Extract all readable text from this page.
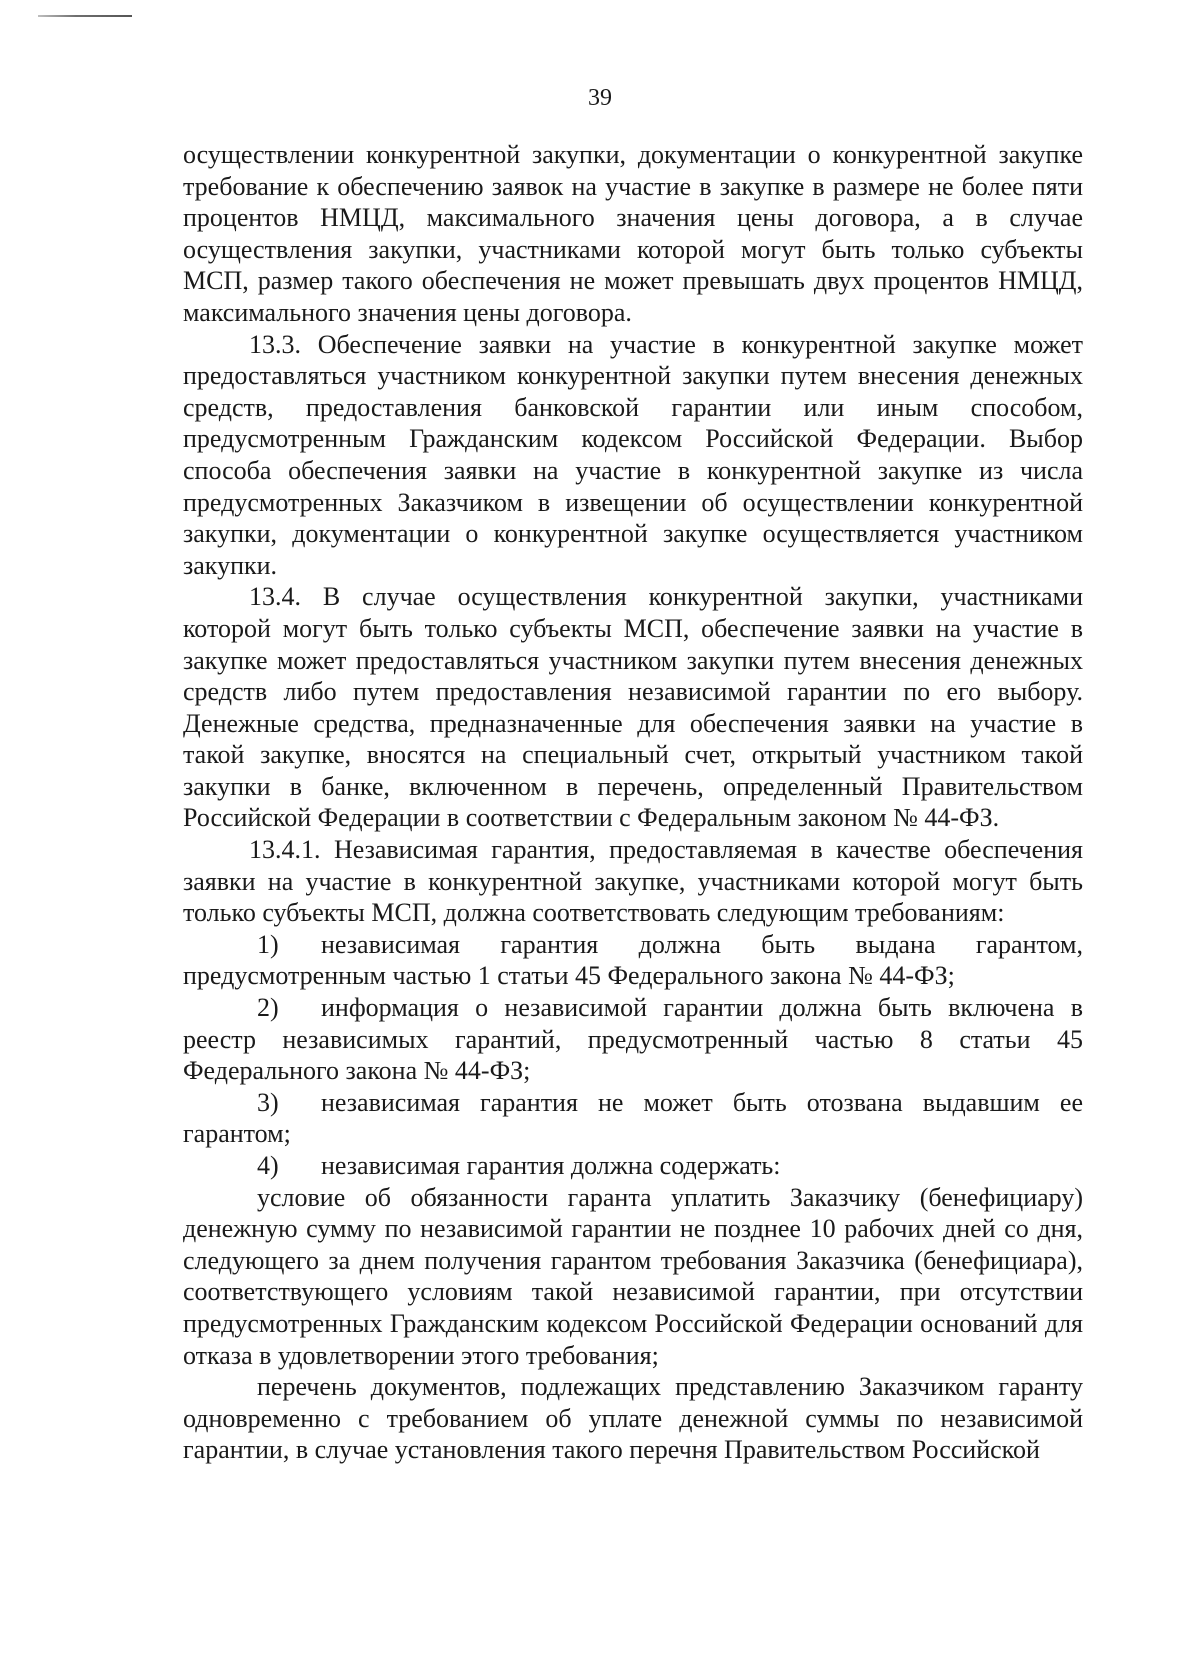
39

осуществлении конкурентной закупки, документации о конкурентной закупке требование к обеспечению заявок на участие в закупке в размере не более пяти процентов НМЦД, максимального значения цены договора, а в случае осуществления закупки, участниками которой могут быть только субъекты МСП, размер такого обеспечения не может превышать двух процентов НМЦД, максимального значения цены договора.

13.3. Обеспечение заявки на участие в конкурентной закупке может предоставляться участником конкурентной закупки путем внесения денежных средств, предоставления банковской гарантии или иным способом, предусмотренным Гражданским кодексом Российской Федерации. Выбор способа обеспечения заявки на участие в конкурентной закупке из числа предусмотренных Заказчиком в извещении об осуществлении конкурентной закупки, документации о конкурентной закупке осуществляется участником закупки.

13.4. В случае осуществления конкурентной закупки, участниками которой могут быть только субъекты МСП, обеспечение заявки на участие в закупке может предоставляться участником закупки путем внесения денежных средств либо путем предоставления независимой гарантии по его выбору. Денежные средства, предназначенные для обеспечения заявки на участие в такой закупке, вносятся на специальный счет, открытый участником такой закупки в банке, включенном в перечень, определенный Правительством Российской Федерации в соответствии с Федеральным законом № 44-ФЗ.

13.4.1. Независимая гарантия, предоставляемая в качестве обеспечения заявки на участие в конкурентной закупке, участниками которой могут быть только субъекты МСП, должна соответствовать следующим требованиям:

1) независимая гарантия должна быть выдана гарантом, предусмотренным частью 1 статьи 45 Федерального закона № 44-ФЗ;

2) информация о независимой гарантии должна быть включена в реестр независимых гарантий, предусмотренный частью 8 статьи 45 Федерального закона № 44-ФЗ;

3) независимая гарантия не может быть отозвана выдавшим ее гарантом;

4) независимая гарантия должна содержать:

условие об обязанности гаранта уплатить Заказчику (бенефициару) денежную сумму по независимой гарантии не позднее 10 рабочих дней со дня, следующего за днем получения гарантом требования Заказчика (бенефициара), соответствующего условиям такой независимой гарантии, при отсутствии предусмотренных Гражданским кодексом Российской Федерации оснований для отказа в удовлетворении этого требования;

перечень документов, подлежащих представлению Заказчиком гаранту одновременно с требованием об уплате денежной суммы по независимой гарантии, в случае установления такого перечня Правительством Российской
